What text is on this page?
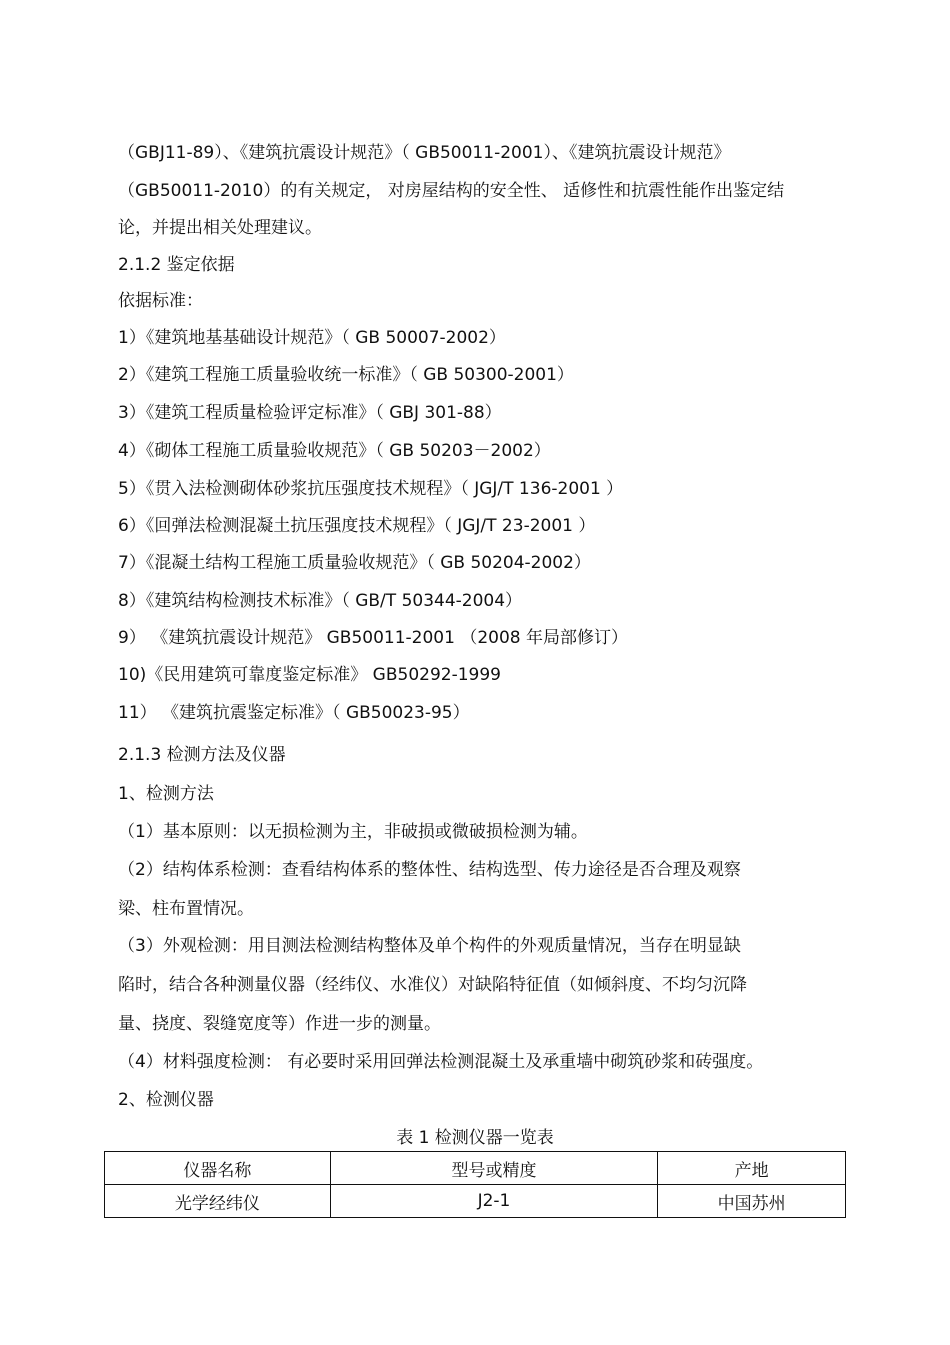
（GBJ11-89）、《建筑抗震设计规范》（ GB50011-2001）、《建筑抗震设计规范》
（GB50011-2010）的有关规定， 对房屋结构的安全性、 适修性和抗震性能作出鉴定结
论，并提出相关处理建议。
2.1.2 鉴定依据
依据标准：
1）《建筑地基基础设计规范》（ GB 50007-2002）
2）《建筑工程施工质量验收统一标准》（ GB 50300-2001）
3）《建筑工程质量检验评定标准》（ GBJ 301-88）
4）《砌体工程施工质量验收规范》（ GB 50203－2002）
5）《贯入法检测砌体砂浆抗压强度技术规程》（ JGJ/T 136-2001 ）
6）《回弹法检测混凝土抗压强度技术规程》（ JGJ/T 23-2001 ）
7）《混凝土结构工程施工质量验收规范》（ GB 50204-2002）
8）《建筑结构检测技术标准》（ GB/T 50344-2004）
9） 《建筑抗震设计规范》 GB50011-2001 （2008 年局部修订）
10)《民用建筑可靠度鉴定标准》 GB50292-1999
11） 《建筑抗震鉴定标准》（ GB50023-95）
2.1.3 检测方法及仪器
1、检测方法
（1）基本原则：以无损检测为主，非破损或微破损检测为辅。
（2）结构体系检测：查看结构体系的整体性、结构选型、传力途径是否合理及观察
梁、柱布置情况。
（3）外观检测：用目测法检测结构整体及单个构件的外观质量情况，当存在明显缺
陷时，结合各种测量仪器（经纬仪、水准仪）对缺陷特征值（如倾斜度、不均匀沉降
量、挠度、裂缝宽度等）作进一步的测量。
（4）材料强度检测： 有必要时采用回弹法检测混凝土及承重墙中砌筑砂浆和砖强度。
2、检测仪器
表 1 检测仪器一览表
仪器名称	型号或精度	产地
光学经纬仪	J2-1	中国苏州
